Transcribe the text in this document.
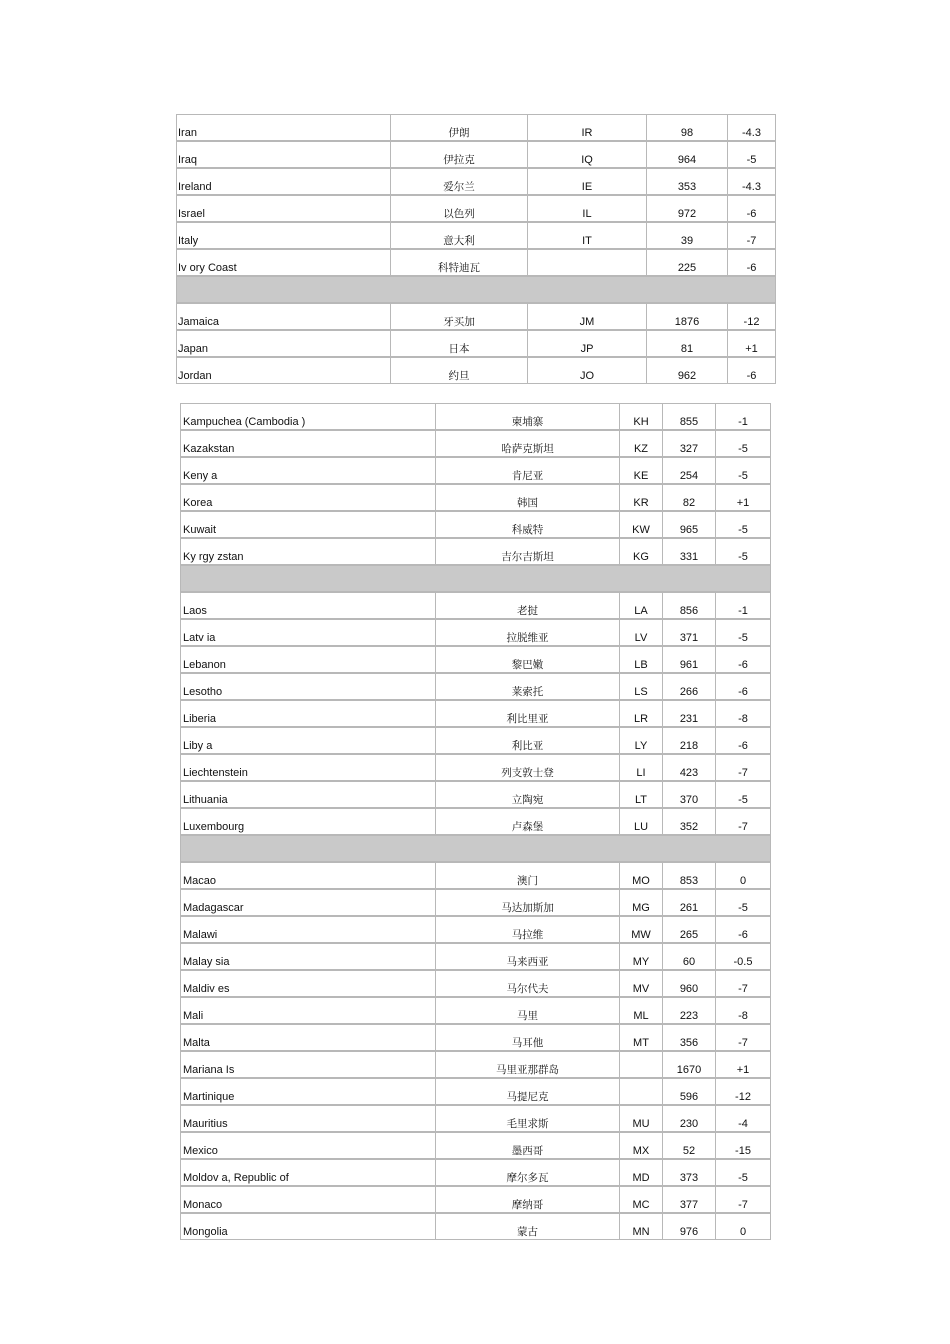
Iran	伊朗	IR	98	-4.3
Iraq	伊拉克	IQ	964	-5
Ireland	爱尔兰	IE	353	-4.3
Israel	以色列	IL	972	-6
Italy	意大利	IT	39	-7
Iv ory Coast	科特迪瓦		225	-6

Jamaica	牙买加	JM	1876	-12
Japan	日本	JP	81	+1
Jordan	约旦	JO	962	-6
Kampuchea (Cambodia )	柬埔寨	KH	855	-1
Kazakstan	哈萨克斯坦	KZ	327	-5
Keny a	肯尼亚	KE	254	-5
Korea	韩国	KR	82	+1
Kuwait	科威特	KW	965	-5
Ky rgy zstan	吉尔吉斯坦	KG	331	-5

Laos	老挝	LA	856	-1
Latv ia	拉脱维亚	LV	371	-5
Lebanon	黎巴嫩	LB	961	-6
Lesotho	莱索托	LS	266	-6
Liberia	利比里亚	LR	231	-8
Liby a	利比亚	LY	218	-6
Liechtenstein	列支敦士登	LI	423	-7
Lithuania	立陶宛	LT	370	-5
Luxembourg	卢森堡	LU	352	-7

Macao	澳门	MO	853	0
Madagascar	马达加斯加	MG	261	-5
Malawi	马拉维	MW	265	-6
Malay sia	马来西亚	MY	60	-0.5
Maldiv es	马尔代夫	MV	960	-7
Mali	马里	ML	223	-8
Malta	马耳他	MT	356	-7
Mariana Is	马里亚那群岛		1670	+1
Martinique	马提尼克		596	-12
Mauritius	毛里求斯	MU	230	-4
Mexico	墨西哥	MX	52	-15
Moldov a, Republic of	摩尔多瓦	MD	373	-5
Monaco	摩纳哥	MC	377	-7
Mongolia	蒙古	MN	976	0
